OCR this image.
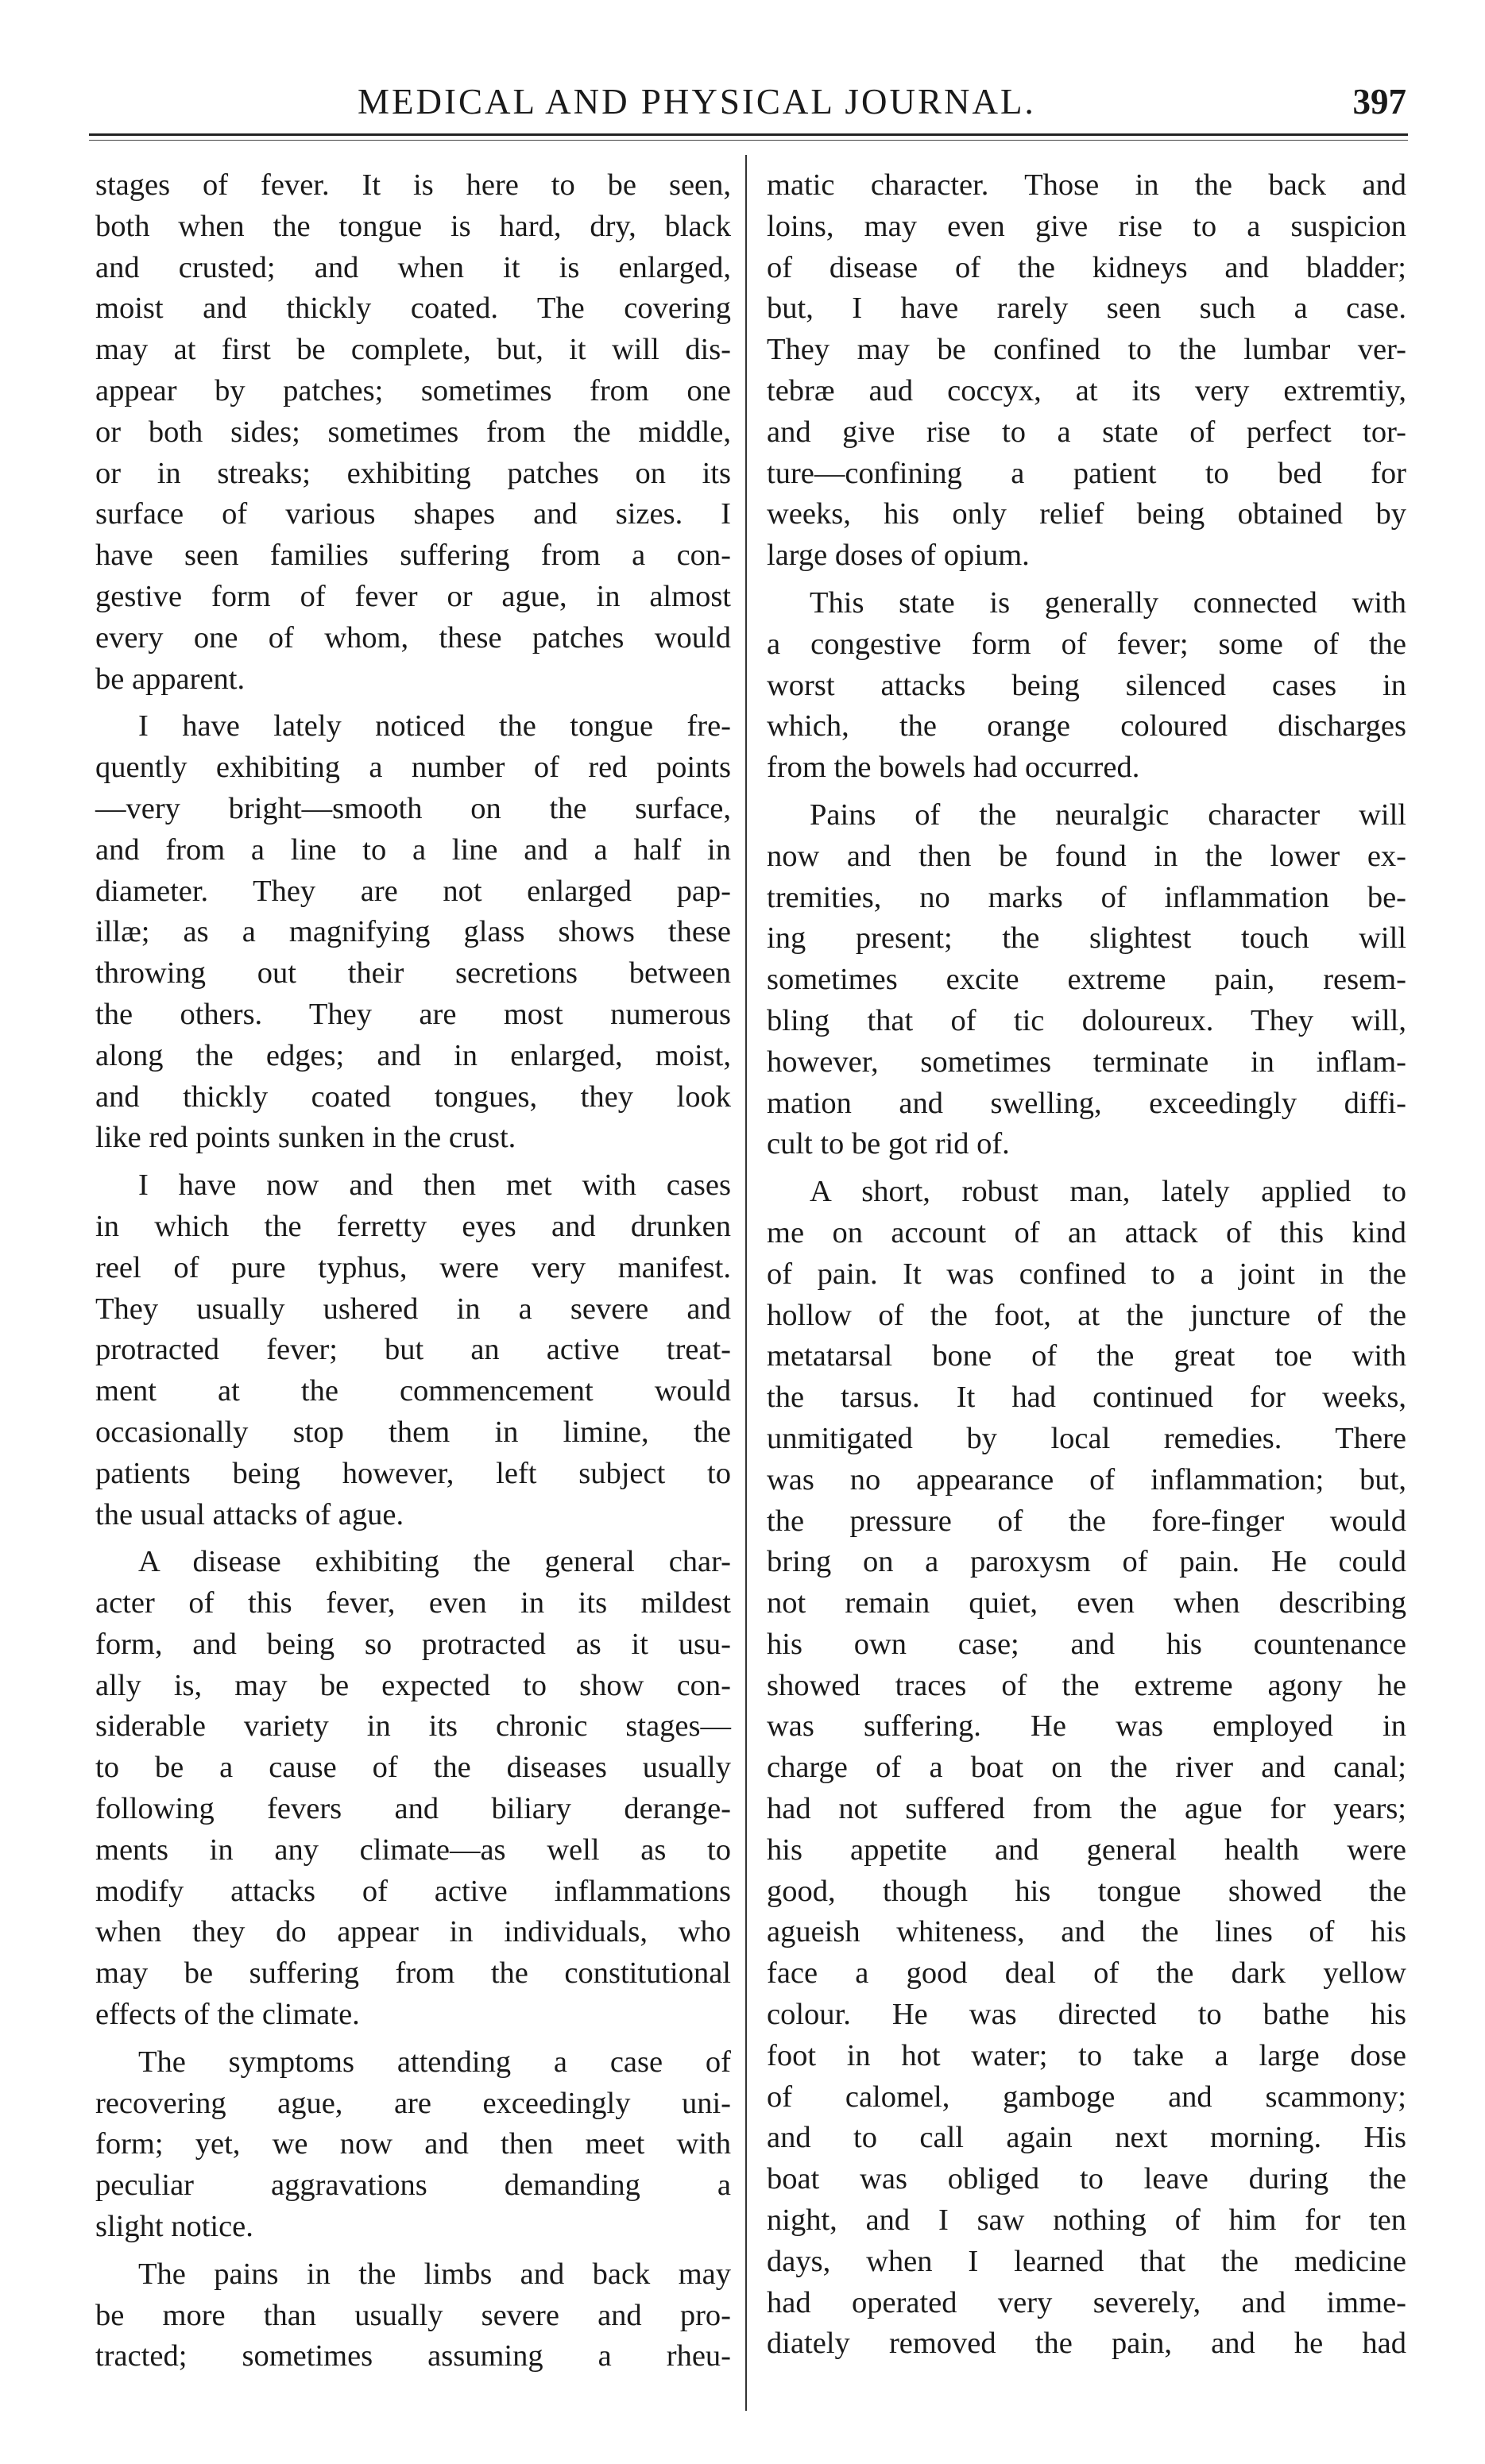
MEDICAL AND PHYSICAL JOURNAL.	397
stages of fever. It is here to be seen,
both when the tongue is hard, dry, black
and crusted; and when it is enlarged,
moist and thickly coated. The covering
may at first be complete, but, it will dis-
appear by patches; sometimes from one
or both sides; sometimes from the middle,
or in streaks; exhibiting patches on its
surface of various shapes and sizes. I
have seen families suffering from a con-
gestive form of fever or ague, in almost
every one of whom, these patches would
be apparent.
I have lately noticed the tongue fre-
quently exhibiting a number of red points
—very bright—smooth on the surface,
and from a line to a line and a half in
diameter. They are not enlarged pap-
illæ; as a magnifying glass shows these
throwing out their secretions between
the others. They are most numerous
along the edges; and in enlarged, moist,
and thickly coated tongues, they look
like red points sunken in the crust.
I have now and then met with cases
in which the ferretty eyes and drunken
reel of pure typhus, were very manifest.
They usually ushered in a severe and
protracted fever; but an active treat-
ment at the commencement would
occasionally stop them in limine, the
patients being however, left subject to
the usual attacks of ague.
A disease exhibiting the general char-
acter of this fever, even in its mildest
form, and being so protracted as it usu-
ally is, may be expected to show con-
siderable variety in its chronic stages—
to be a cause of the diseases usually
following fevers and biliary derange-
ments in any climate—as well as to
modify attacks of active inflammations
when they do appear in individuals, who
may be suffering from the constitutional
effects of the climate.
The symptoms attending a case of
recovering ague, are exceedingly uni-
form; yet, we now and then meet with
peculiar aggravations demanding a
slight notice.
The pains in the limbs and back may
be more than usually severe and pro-
tracted; sometimes assuming a rheu-
matic character. Those in the back and
loins, may even give rise to a suspicion
of disease of the kidneys and bladder;
but, I have rarely seen such a case.
They may be confined to the lumbar ver-
tebræ aud coccyx, at its very extremtiy,
and give rise to a state of perfect tor-
ture—confining a patient to bed for
weeks, his only relief being obtained by
large doses of opium.
This state is generally connected with
a congestive form of fever; some of the
worst attacks being silenced cases in
which, the orange coloured discharges
from the bowels had occurred.
Pains of the neuralgic character will
now and then be found in the lower ex-
tremities, no marks of inflammation be-
ing present; the slightest touch will
sometimes excite extreme pain, resem-
bling that of tic doloureux. They will,
however, sometimes terminate in inflam-
mation and swelling, exceedingly diffi-
cult to be got rid of.
A short, robust man, lately applied to
me on account of an attack of this kind
of pain. It was confined to a joint in the
hollow of the foot, at the juncture of the
metatarsal bone of the great toe with
the tarsus. It had continued for weeks,
unmitigated by local remedies. There
was no appearance of inflammation; but,
the pressure of the fore-finger would
bring on a paroxysm of pain. He could
not remain quiet, even when describing
his own case; and his countenance
showed traces of the extreme agony he
was suffering. He was employed in
charge of a boat on the river and canal;
had not suffered from the ague for years;
his appetite and general health were
good, though his tongue showed the
agueish whiteness, and the lines of his
face a good deal of the dark yellow
colour. He was directed to bathe his
foot in hot water; to take a large dose
of calomel, gamboge and scammony;
and to call again next morning. His
boat was obliged to leave during the
night, and I saw nothing of him for ten
days, when I learned that the medicine
had operated very severely, and imme-
diately removed the pain, and he had
